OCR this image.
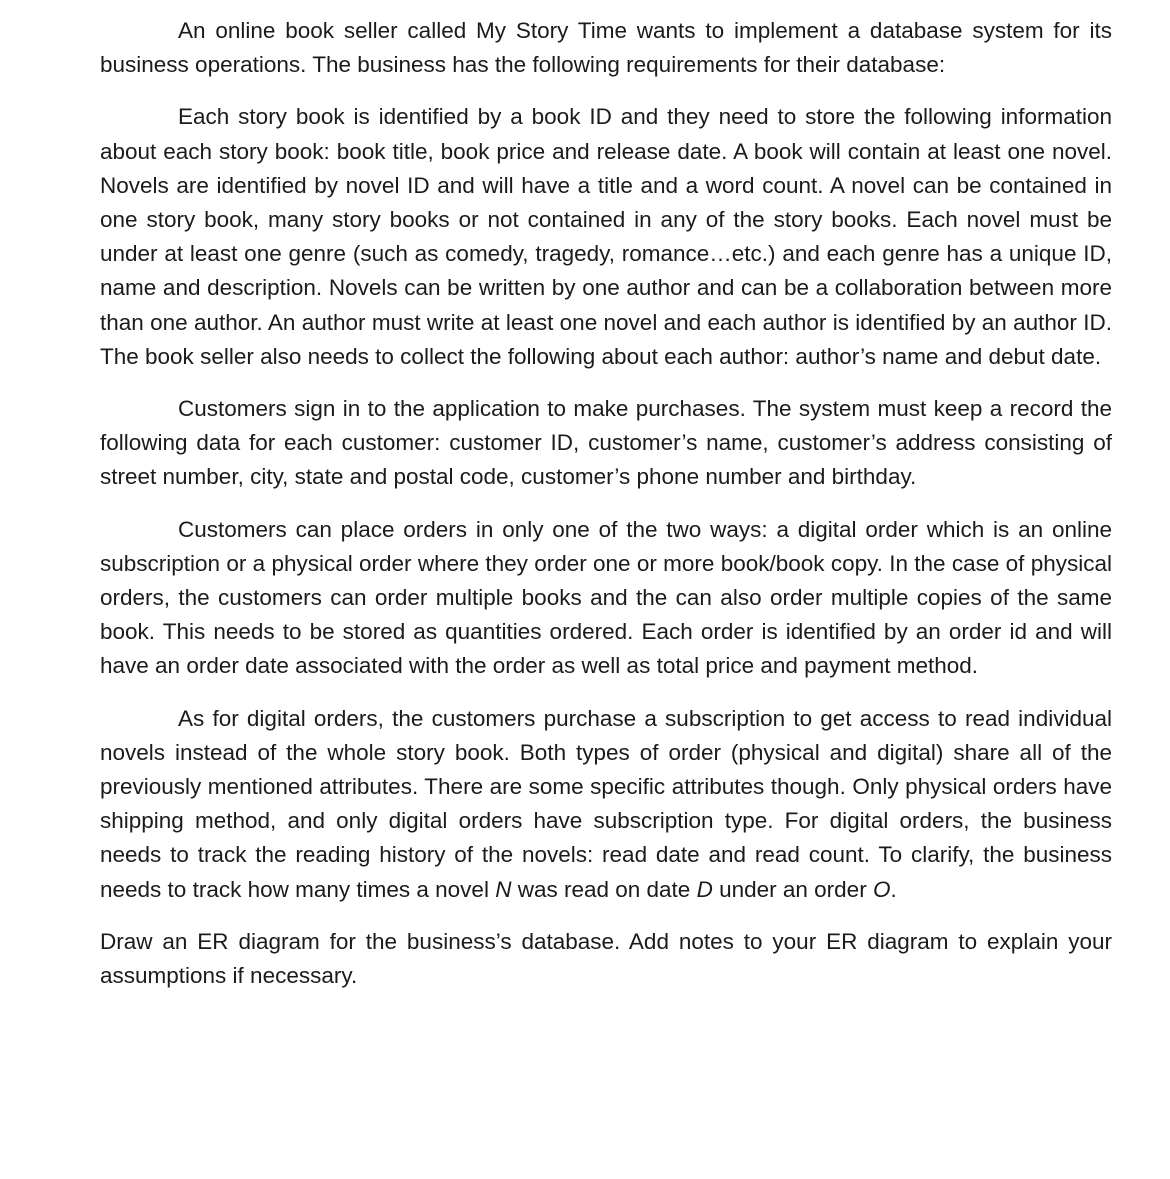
An online book seller called My Story Time wants to implement a database system for its business operations. The business has the following requirements for their database:

Each story book is identified by a book ID and they need to store the following information about each story book: book title, book price and release date. A book will contain at least one novel. Novels are identified by novel ID and will have a title and a word count. A novel can be contained in one story book, many story books or not contained in any of the story books. Each novel must be under at least one genre (such as comedy, tragedy, romance…etc.) and each genre has a unique ID, name and description. Novels can be written by one author and can be a collaboration between more than one author. An author must write at least one novel and each author is identified by an author ID. The book seller also needs to collect the following about each author: author’s name and debut date.

Customers sign in to the application to make purchases. The system must keep a record the following data for each customer: customer ID, customer’s name, customer’s address consisting of street number, city, state and postal code, customer’s phone number and birthday.

Customers can place orders in only one of the two ways: a digital order which is an online subscription or a physical order where they order one or more book/book copy. In the case of physical orders, the customers can order multiple books and the can also order multiple copies of the same book. This needs to be stored as quantities ordered. Each order is identified by an order id and will have an order date associated with the order as well as total price and payment method.

As for digital orders, the customers purchase a subscription to get access to read individual novels instead of the whole story book. Both types of order (physical and digital) share all of the previously mentioned attributes. There are some specific attributes though. Only physical orders have shipping method, and only digital orders have subscription type. For digital orders, the business needs to track the reading history of the novels: read date and read count. To clarify, the business needs to track how many times a novel N was read on date D under an order O.

Draw an ER diagram for the business’s database. Add notes to your ER diagram to explain your assumptions if necessary.
